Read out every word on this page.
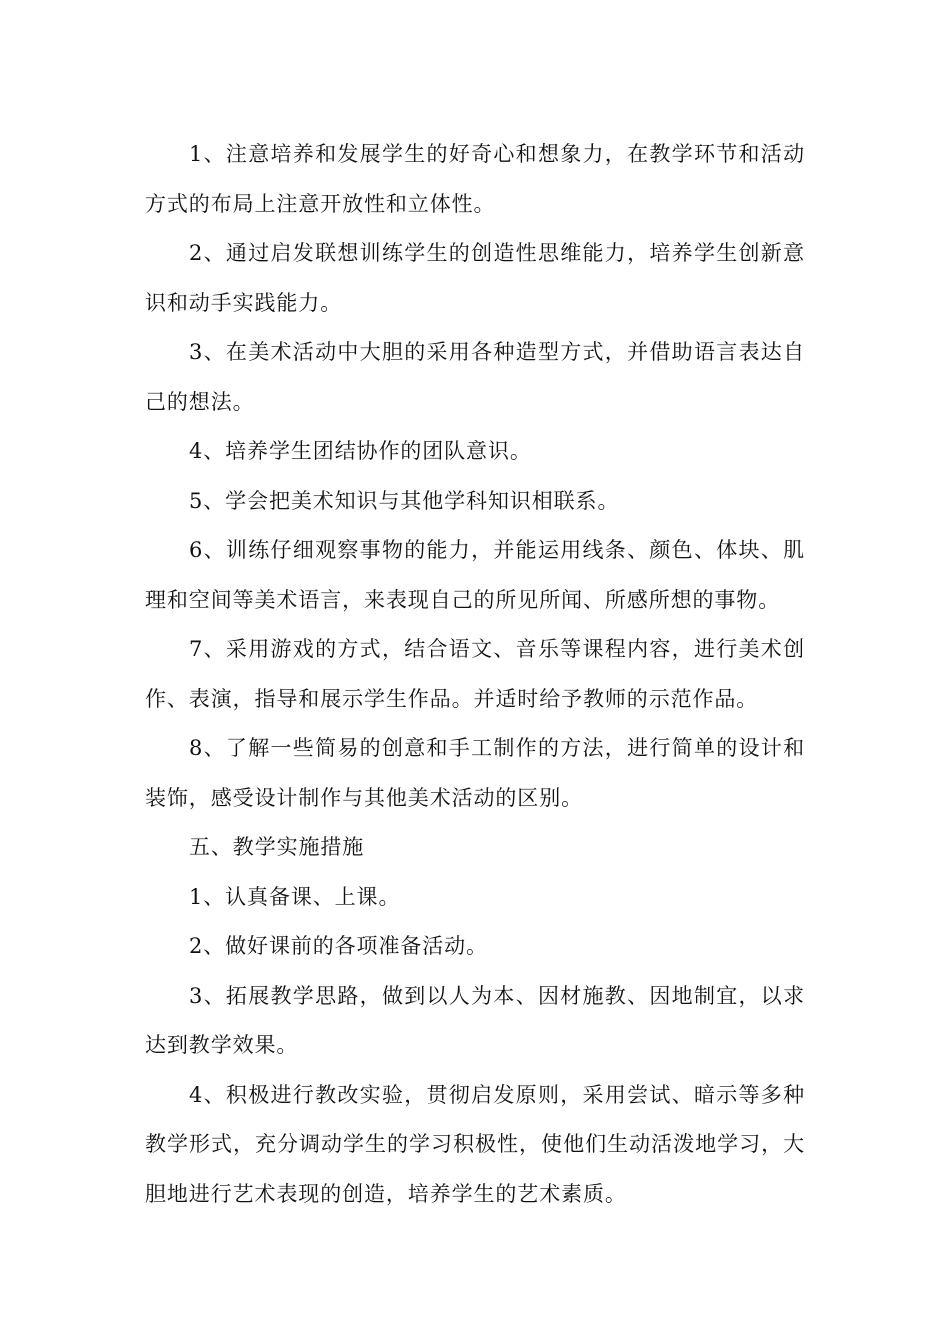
1、注意培养和发展学生的好奇心和想象力，在教学环节和活动方式的布局上注意开放性和立体性。

2、通过启发联想训练学生的创造性思维能力，培养学生创新意识和动手实践能力。

3、在美术活动中大胆的采用各种造型方式，并借助语言表达自己的想法。

4、培养学生团结协作的团队意识。

5、学会把美术知识与其他学科知识相联系。

6、训练仔细观察事物的能力，并能运用线条、颜色、体块、肌理和空间等美术语言，来表现自己的所见所闻、所感所想的事物。

7、采用游戏的方式，结合语文、音乐等课程内容，进行美术创作、表演，指导和展示学生作品。并适时给予教师的示范作品。

8、了解一些简易的创意和手工制作的方法，进行简单的设计和装饰，感受设计制作与其他美术活动的区别。

五、教学实施措施

1、认真备课、上课。

2、做好课前的各项准备活动。

3、拓展教学思路，做到以人为本、因材施教、因地制宜，以求达到教学效果。

4、积极进行教改实验，贯彻启发原则，采用尝试、暗示等多种教学形式，充分调动学生的学习积极性，使他们生动活泼地学习，大胆地进行艺术表现的创造，培养学生的艺术素质。
